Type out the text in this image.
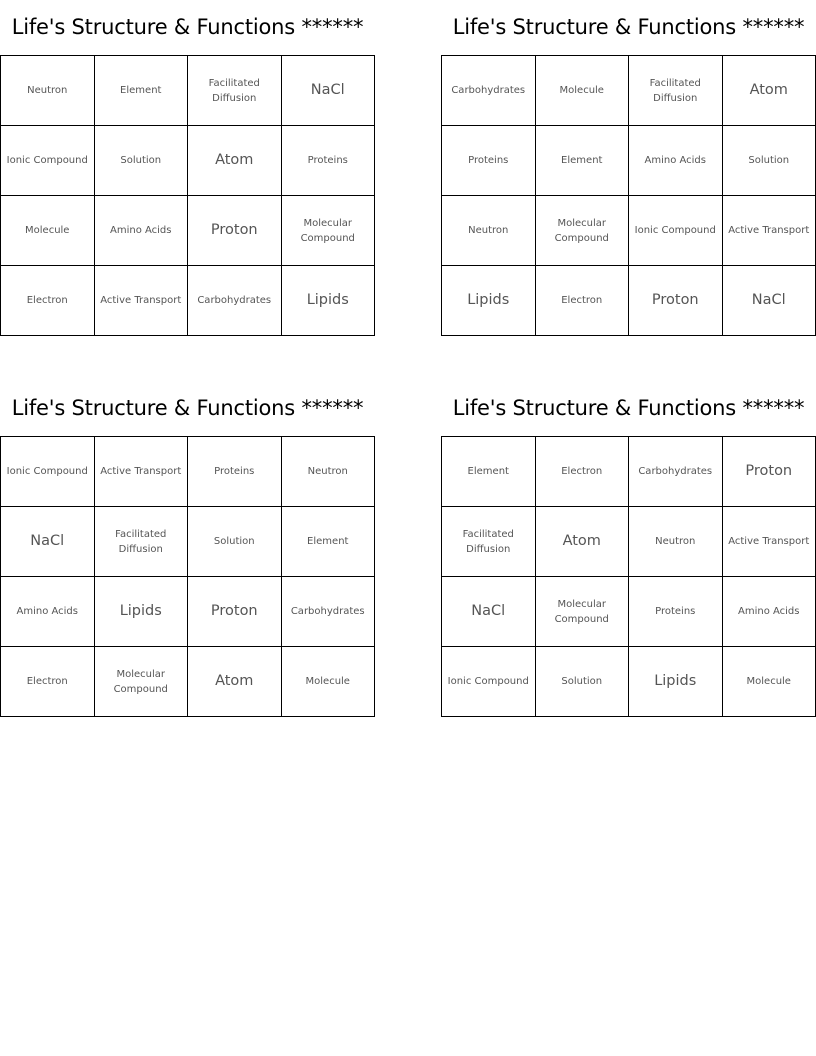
Life's Structure & Functions ******
Neutron	Element	Facilitated Diffusion	NaCl
Ionic Compound	Solution	Atom	Proteins
Molecule	Amino Acids	Proton	Molecular Compound
Electron	Active Transport	Carbohydrates	Lipids
Life's Structure & Functions ******
Carbohydrates	Molecule	Facilitated Diffusion	Atom
Proteins	Element	Amino Acids	Solution
Neutron	Molecular Compound	Ionic Compound	Active Transport
Lipids	Electron	Proton	NaCl
Life's Structure & Functions ******
Ionic Compound	Active Transport	Proteins	Neutron
NaCl	Facilitated Diffusion	Solution	Element
Amino Acids	Lipids	Proton	Carbohydrates
Electron	Molecular Compound	Atom	Molecule
Life's Structure & Functions ******
Element	Electron	Carbohydrates	Proton
Facilitated Diffusion	Atom	Neutron	Active Transport
NaCl	Molecular Compound	Proteins	Amino Acids
Ionic Compound	Solution	Lipids	Molecule
